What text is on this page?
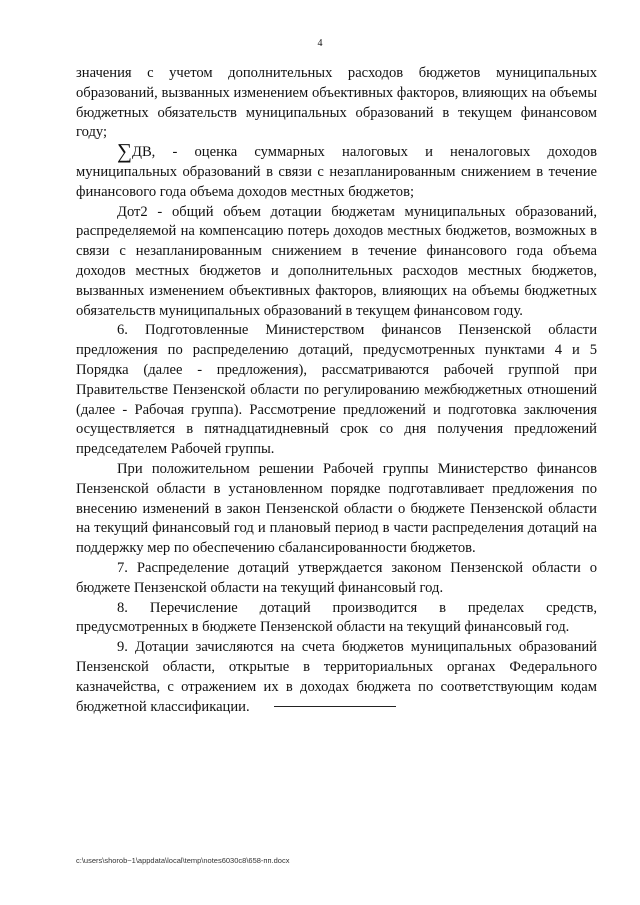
4

значения с учетом дополнительных расходов бюджетов муниципальных образований, вызванных изменением объективных факторов, влияющих на объемы бюджетных обязательств муниципальных образований в текущем финансовом году;

∑ДВ, - оценка суммарных налоговых и неналоговых доходов муниципальных образований в связи с незапланированным снижением в течение финансового года объема доходов местных бюджетов;

Дот2 - общий объем дотации бюджетам муниципальных образований, распределяемой на компенсацию потерь доходов местных бюджетов, возможных в связи с незапланированным снижением в течение финансового года объема доходов местных бюджетов и дополнительных расходов местных бюджетов, вызванных изменением объективных факторов, влияющих на объемы бюджетных обязательств муниципальных образований в текущем финансовом году.

6. Подготовленные Министерством финансов Пензенской области предложения по распределению дотаций, предусмотренных пунктами 4 и 5 Порядка (далее - предложения), рассматриваются рабочей группой при Правительстве Пензенской области по регулированию межбюджетных отношений (далее - Рабочая группа). Рассмотрение предложений и подготовка заключения осуществляется в пятнадцатидневный срок со дня получения предложений председателем Рабочей группы.

При положительном решении Рабочей группы Министерство финансов Пензенской области в установленном порядке подготавливает предложения по внесению изменений в закон Пензенской области о бюджете Пензенской области на текущий финансовый год и плановый период в части распределения дотаций на поддержку мер по обеспечению сбалансированности бюджетов.

7. Распределение дотаций утверждается законом Пензенской области о бюджете Пензенской области на текущий финансовый год.

8. Перечисление дотаций производится в пределах средств, предусмотренных в бюджете Пензенской области на текущий финансовый год.

9. Дотации зачисляются на счета бюджетов муниципальных образований Пензенской области, открытые в территориальных органах Федерального казначейства, с отражением их в доходах бюджета по соответствующим кодам бюджетной классификации.

c:\users\shorob~1\appdata\local\temp\notes6030c8\658-пп.docx
